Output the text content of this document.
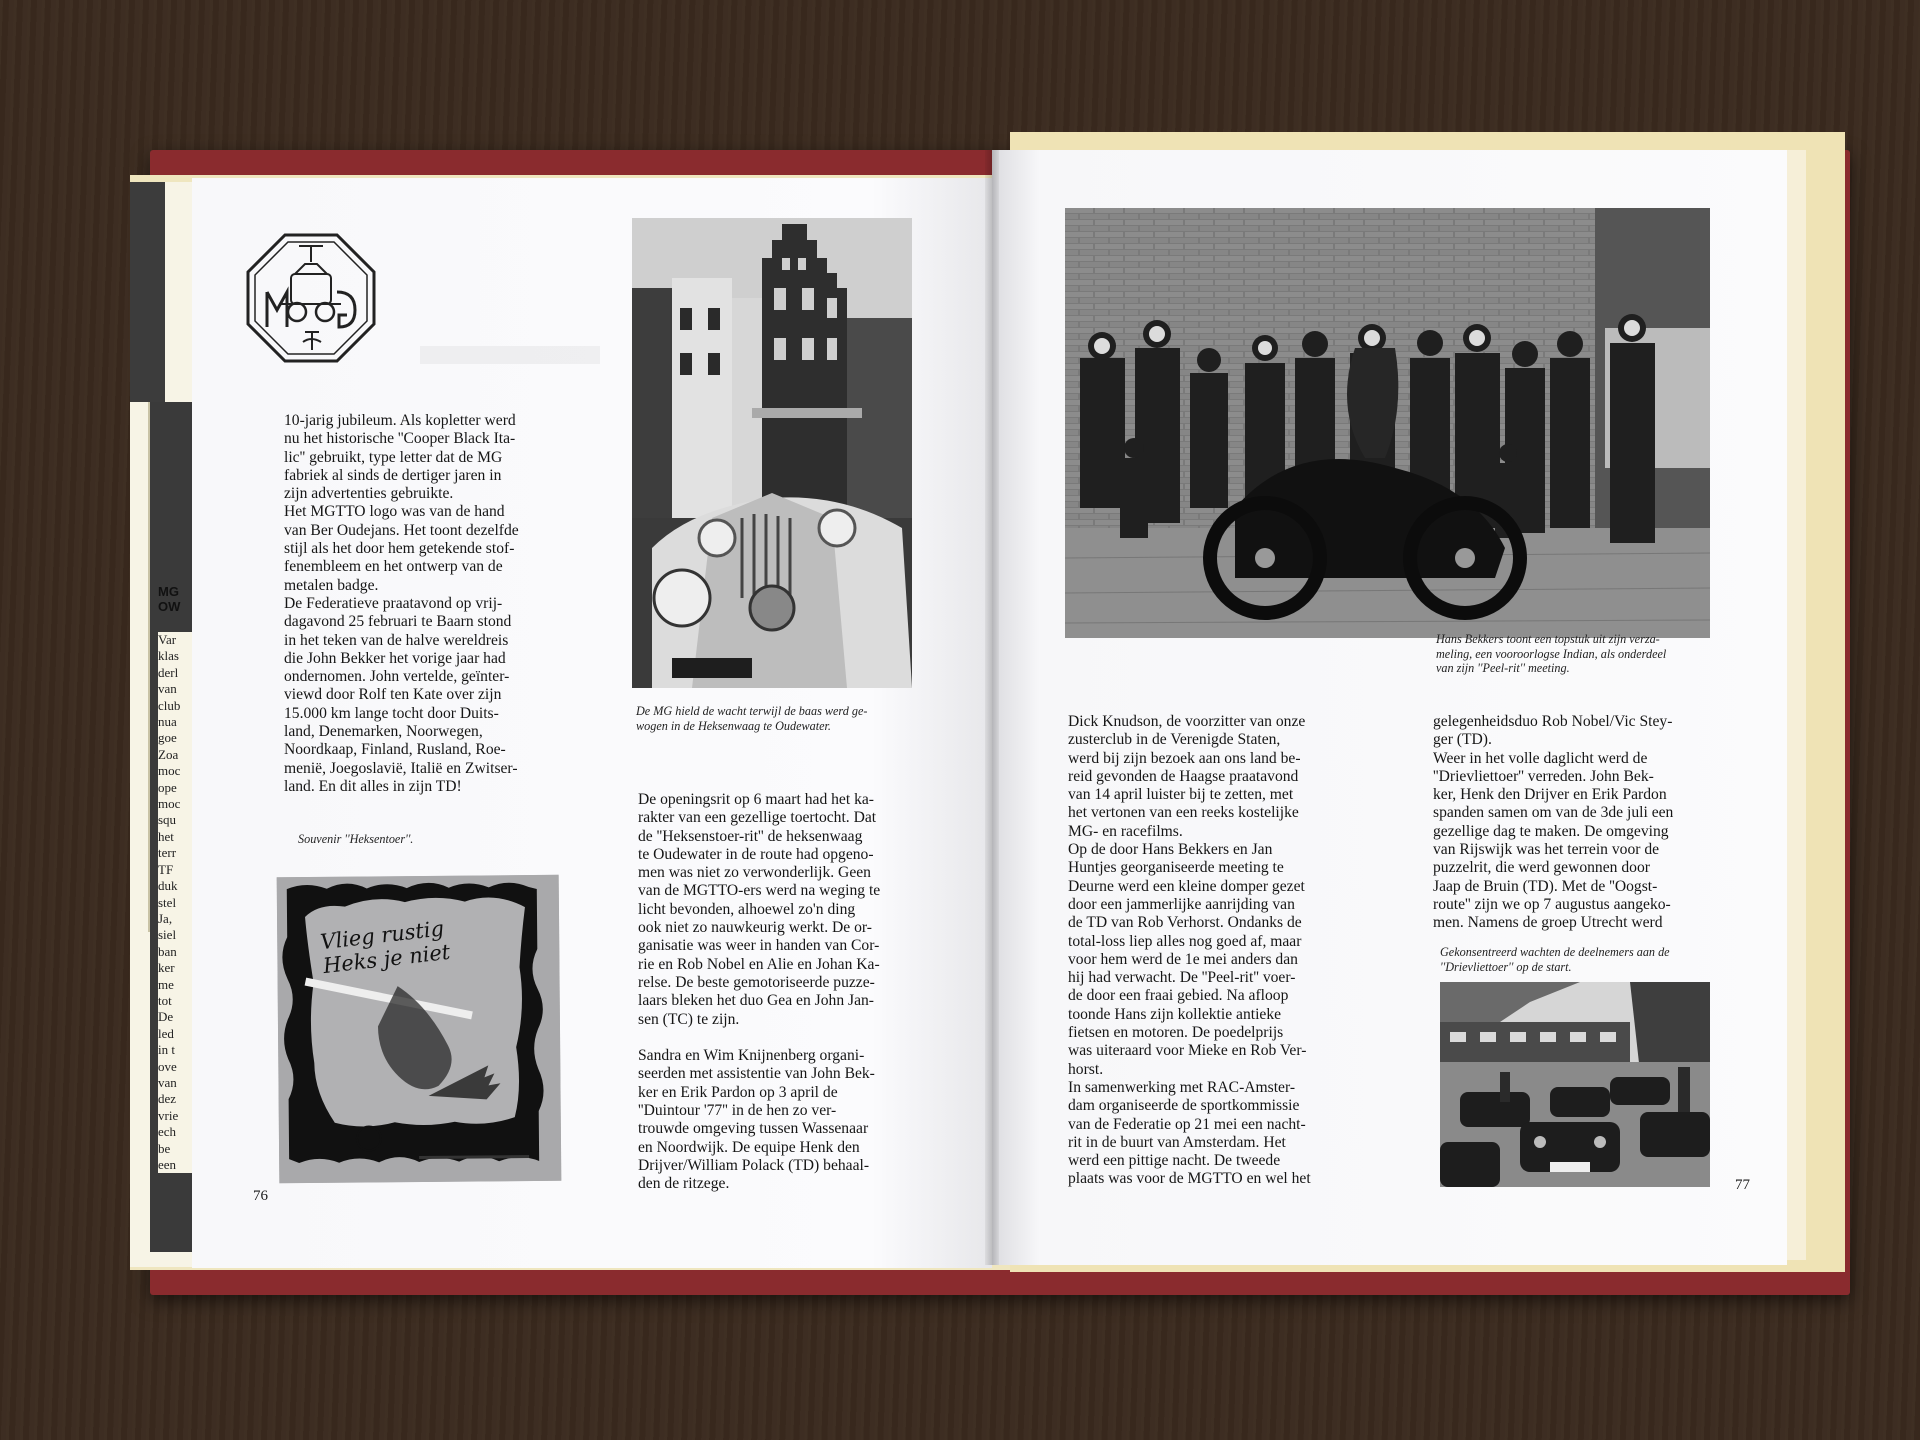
MG
OW
Var
klas
derl
van
club
nua
goe
Zoa
moc
ope
moc
squ
het
terr
TF
duk
stel
Ja,
siel
ban
ker
me
tot
De
led
in t
ove
van
dez
vrie
ech
be
een
10-jarig jubileum. Als kopletter werd
nu het historische ''Cooper Black Ita-
lic'' gebruikt, type letter dat de MG
fabriek al sinds de dertiger jaren in
zijn advertenties gebruikte.
Het MGTTO logo was van de hand
van Ber Oudejans. Het toont dezelfde
stijl als het door hem getekende stof-
fenembleem en het ontwerp van de
metalen badge.
De Federatieve praatavond op vrij-
dagavond 25 februari te Baarn stond
in het teken van de halve wereldreis
die John Bekker het vorige jaar had
ondernomen. John vertelde, geïnter-
viewd door Rolf ten Kate over zijn
15.000 km lange tocht door Duits-
land, Denemarken, Noorwegen,
Noordkaap, Finland, Rusland, Roe-
menië, Joegoslavië, Italië en Zwitser-
land. En dit alles in zijn TD!
Souvenir ''Heksentoer''.
Vlieg rustig Heks je niet
76
De MG hield de wacht terwijl de baas werd ge-
wogen in de Heksenwaag te Oudewater.
De openingsrit op 6 maart had het ka-
rakter van een gezellige toertocht. Dat
de ''Heksenstoer-rit'' de heksenwaag
te Oudewater in de route had opgeno-
men was niet zo verwonderlijk. Geen
van de MGTTO-ers werd na weging te
licht bevonden, alhoewel zo'n ding
ook niet zo nauwkeurig werkt. De or-
ganisatie was weer in handen van Cor-
rie en Rob Nobel en Alie en Johan Ka-
relse. De beste gemotoriseerde puzze-
laars bleken het duo Gea en John Jan-
sen (TC) te zijn.

Sandra en Wim Knijnenberg organi-
seerden met assistentie van John Bek-
ker en Erik Pardon op 3 april de
''Duintour '77'' in de hen zo ver-
trouwde omgeving tussen Wassenaar
en Noordwijk. De equipe Henk den
Drijver/William Polack (TD) behaal-
den de ritzege.
Hans Bekkers toont een topstuk uit zijn verza-
meling, een vooroorlogse Indian, als onderdeel
van zijn ''Peel-rit'' meeting.
Dick Knudson, de voorzitter van onze
zusterclub in de Verenigde Staten,
werd bij zijn bezoek aan ons land be-
reid gevonden de Haagse praatavond
van 14 april luister bij te zetten, met
het vertonen van een reeks kostelijke
MG- en racefilms.
Op de door Hans Bekkers en Jan
Huntjes georganiseerde meeting te
Deurne werd een kleine domper gezet
door een jammerlijke aanrijding van
de TD van Rob Verhorst. Ondanks de
total-loss liep alles nog goed af, maar
voor hem werd de 1e mei anders dan
hij had verwacht. De ''Peel-rit'' voer-
de door een fraai gebied. Na afloop
toonde Hans zijn kollektie antieke
fietsen en motoren. De poedelprijs
was uiteraard voor Mieke en Rob Ver-
horst.
In samenwerking met RAC-Amster-
dam organiseerde de sportkommissie
van de Federatie op 21 mei een nacht-
rit in de buurt van Amsterdam. Het
werd een pittige nacht. De tweede
plaats was voor de MGTTO en wel het
gelegenheidsduo Rob Nobel/Vic Stey-
ger (TD).
Weer in het volle daglicht werd de
''Drievliettoer'' verreden. John Bek-
ker, Henk den Drijver en Erik Pardon
spanden samen om van de 3de juli een
gezellige dag te maken. De omgeving
van Rijswijk was het terrein voor de
puzzelrit, die werd gewonnen door
Jaap de Bruin (TD). Met de ''Oogst-
route'' zijn we op 7 augustus aangeko-
men. Namens de groep Utrecht werd
Gekonsentreerd wachten de deelnemers aan de
''Drievliettoer'' op de start.
77
